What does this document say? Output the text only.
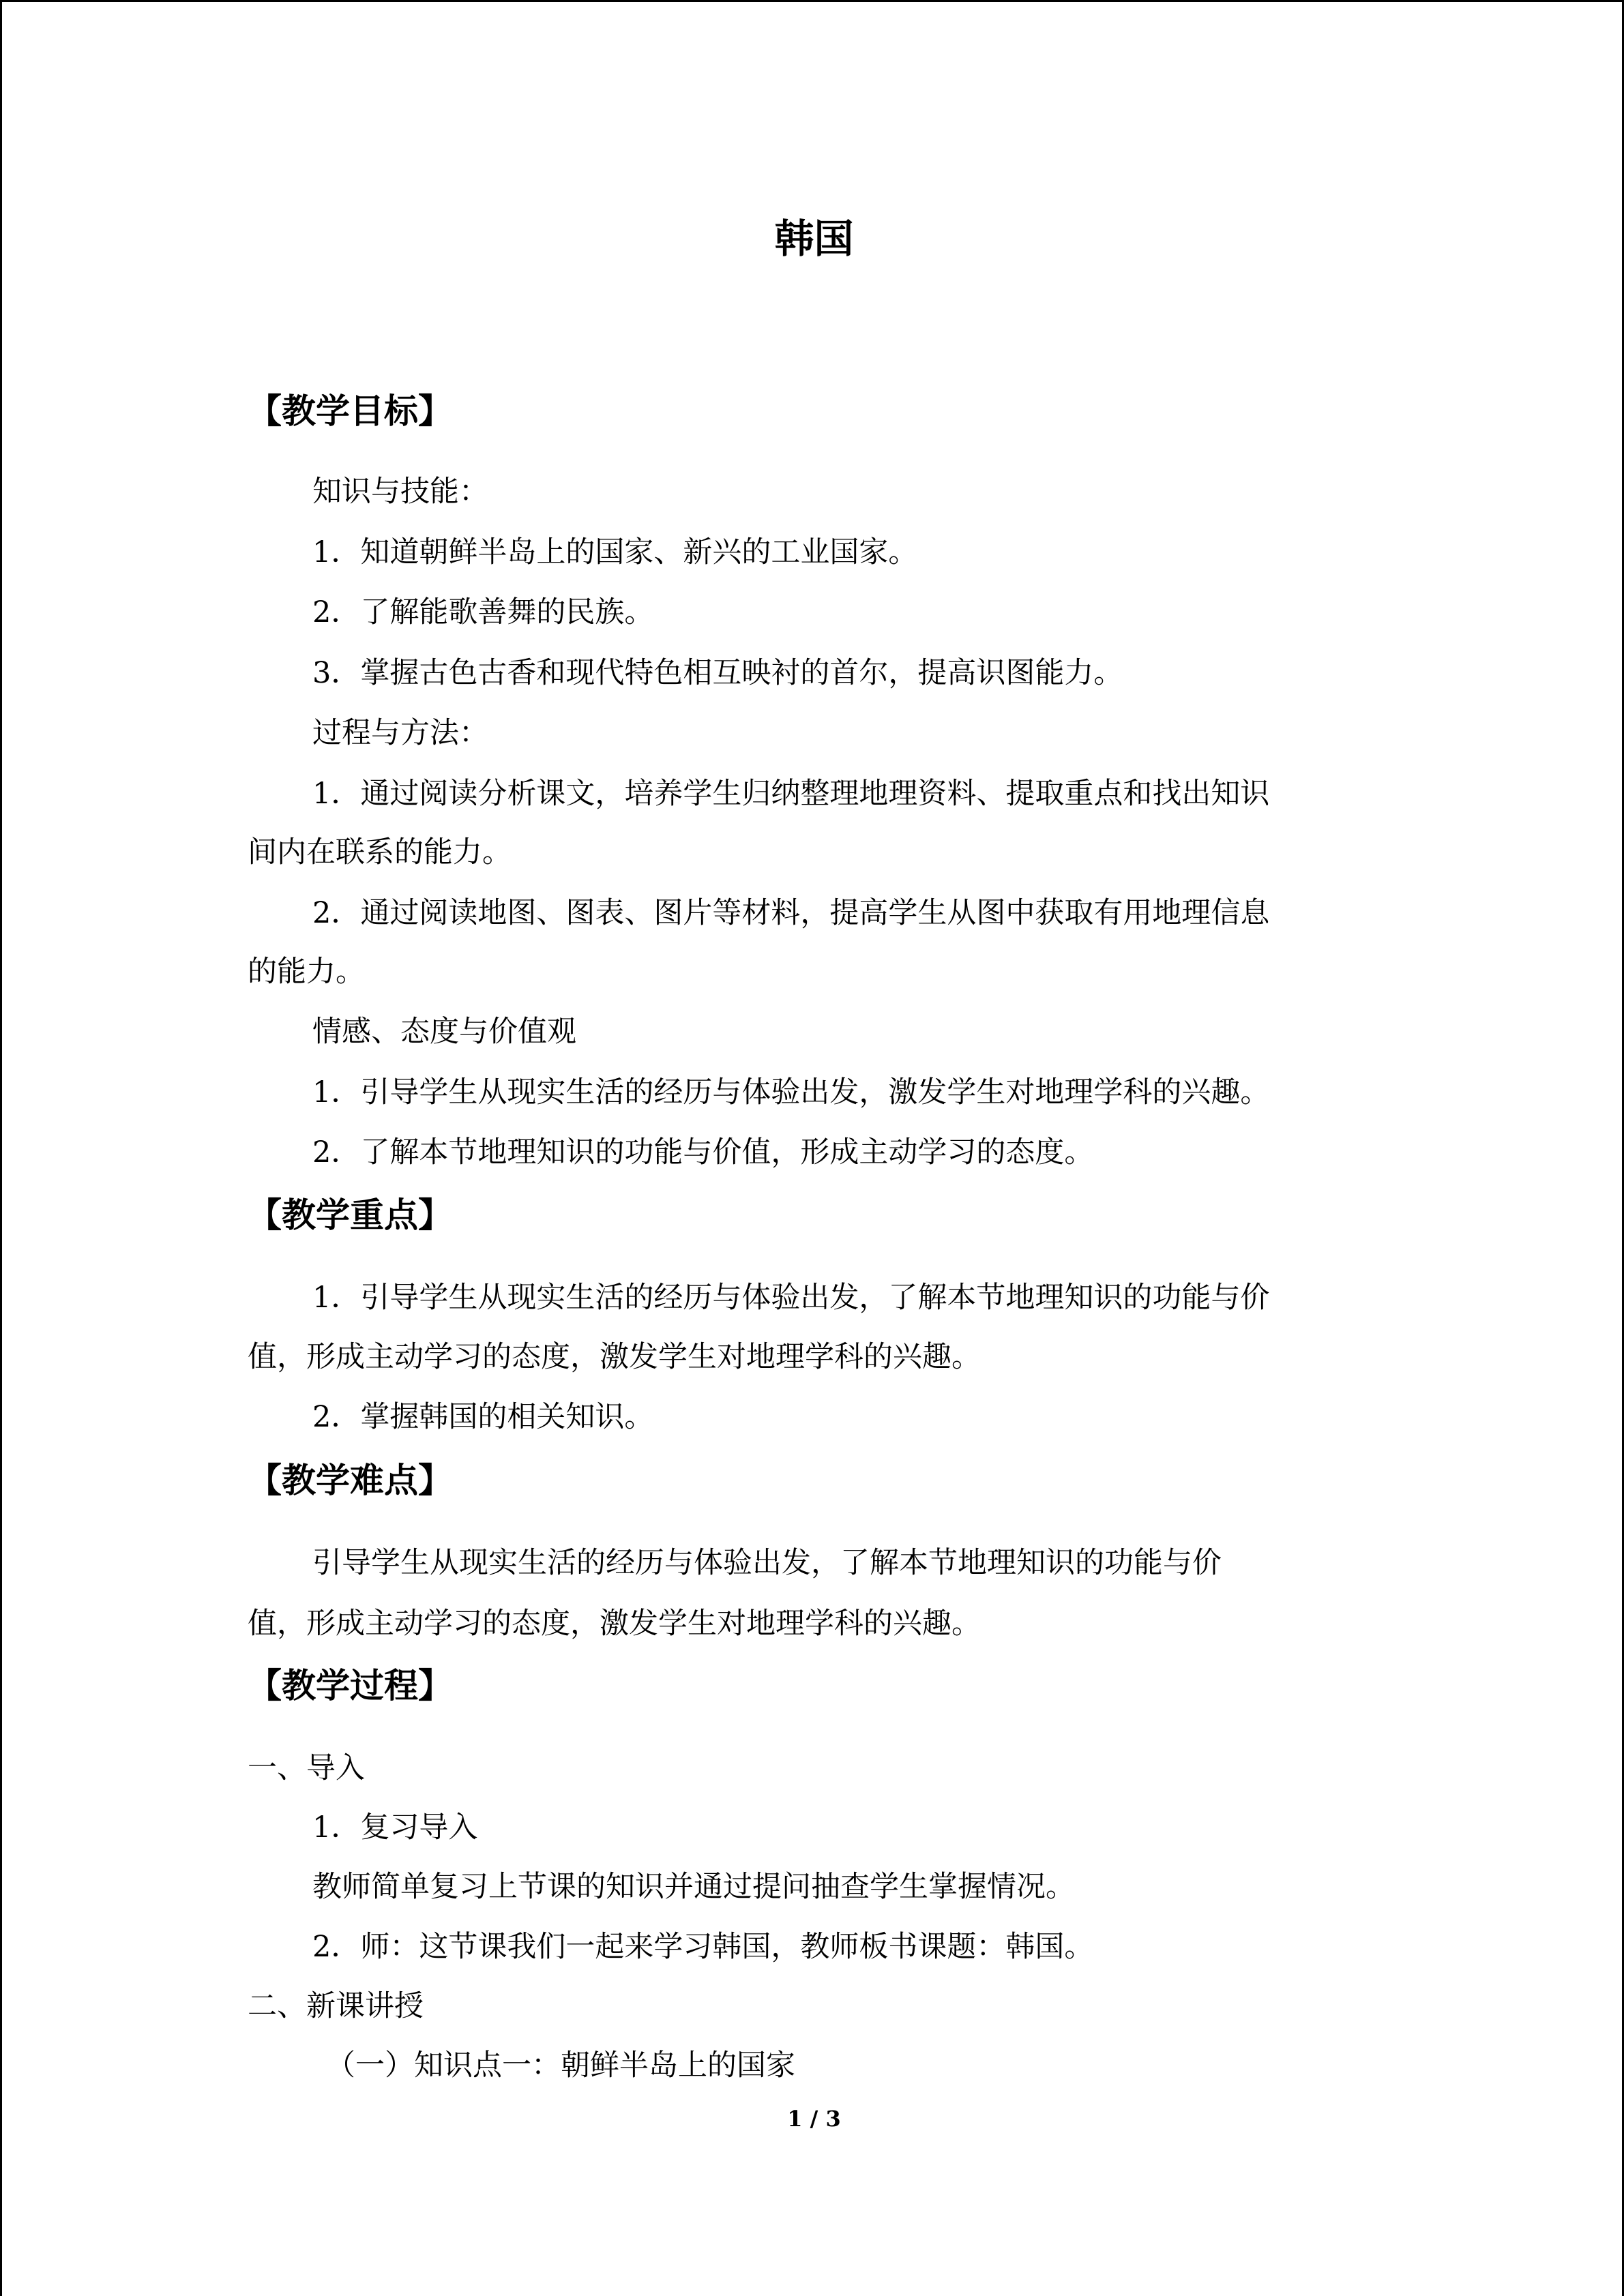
韩国
【教学目标】

知识与技能：

1．知道朝鲜半岛上的国家、新兴的工业国家。

2．了解能歌善舞的民族。

3．掌握古色古香和现代特色相互映衬的首尔，提高识图能力。

过程与方法：

1．通过阅读分析课文，培养学生归纳整理地理资料、提取重点和找出知识

间内在联系的能力。

2．通过阅读地图、图表、图片等材料，提高学生从图中获取有用地理信息

的能力。

情感、态度与价值观

1．引导学生从现实生活的经历与体验出发，激发学生对地理学科的兴趣。

2．了解本节地理知识的功能与价值，形成主动学习的态度。

【教学重点】

1．引导学生从现实生活的经历与体验出发，了解本节地理知识的功能与价

值，形成主动学习的态度，激发学生对地理学科的兴趣。

2．掌握韩国的相关知识。

【教学难点】

引导学生从现实生活的经历与体验出发，了解本节地理知识的功能与价

值，形成主动学习的态度，激发学生对地理学科的兴趣。

【教学过程】

一、导入

1．复习导入

教师简单复习上节课的知识并通过提问抽查学生掌握情况。

2．师：这节课我们一起来学习韩国，教师板书课题：韩国。

二、新课讲授

（一）知识点一：朝鲜半岛上的国家

1 / 3
